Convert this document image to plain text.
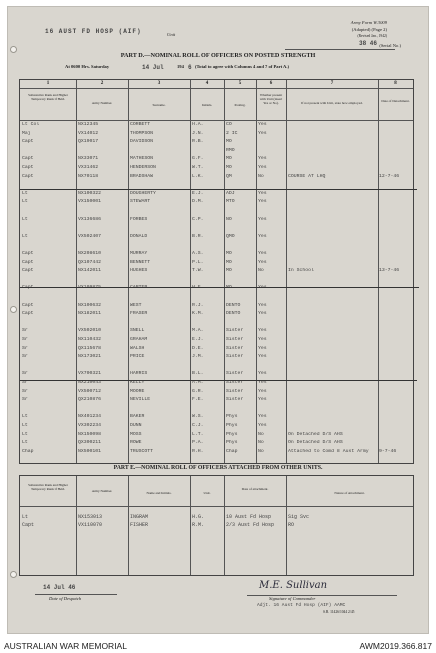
16 AUST FD HOSP (AIF)	Unit
Army Form W.3009
(Adapted) (Page 2)
(Revised Jan., 1942)
38 46 (Serial No.)
PART D.—NOMINAL ROLL OF OFFICERS ON POSTED STRENGTH
At 0600 Hrs. Saturday	14 Jul	194 6 (Total to agree with Columns 4 and 7 of Part A.)
1	2	3	4	5	6	7	8
Substantive Rank and Higher Temporary Rank if Held.
Army Number.	Surname.	Initials.	Posting.
Whether present with Unit (insert Yes or No).	If not present with Unit, state how employed.	Date of Detachment.
Lt Col	NX12345	CORBETT	H.A.	CO	Yes
Maj	VX14012	THOMPSON	J.N.	2 IC	Yes
Capt	QX19017	DAVIDSON	R.B.	MO
RMO
Capt	NX33071	MATHESON	G.F.	MO	Yes
Capt	VX31462	HENDERSON	W.T.	MO	Yes
Capt	NX70118	BRADSHAW	L.K.	QM	No	COURSE AT LHQ	12-7-46
Lt	NX100322	DOUGHERTY	E.J.	ADJ	Yes
Lt	VX150001	STEWART	D.M.	MTO	Yes
Lt	VX136686	FORBES	C.P.	NO	Yes
Lt	VX502407	DONALD	B.R.	QMO	Yes
Capt	NX208610	MURRAY	A.S.	MO	Yes
Capt	QX107442	BENNETT	P.L.	MO	Yes
Capt	NX142011	HUGHES	T.W.	MO	No	In School	13-7-46
Capt	VX109875	CARTER	H.F.	MO	Yes
Capt	NX100632	WEST	R.J.	DENTO	Yes
Capt	NX182011	FRASER	K.M.	DENTO	Yes
Sr	VX502010	SNELL	M.A.	Sister	Yes
Sr	NX110432	GRAHAM	E.J.	Sister	Yes
Sr	QX115678	WALSH	D.E.	Sister	Yes
Sr	NX173021	PRICE	J.M.	Sister	Yes
Sr	VX700321	HARRIS	B.L.	Sister	Yes
Sr	NX210043	KELLY	A.M.	Sister	Yes
Sr	VX500712	MOORE	G.R.	Sister	Yes
Sr	QX210876	NEVILLE	F.E.	Sister	Yes
Lt	NX401234	BAKER	W.S.	Phys	Yes
Lt	VX302234	DUNN	C.J.	Phys	Yes
Lt	NX150098	MOSS	L.T.	Phys	No	On Detached D/S AHS
Lt	QX300211	ROWE	P.A.	Phys	No	On Detached D/S AHS
Chap	NX500101	TRUSCOTT	R.H.	Chap	No	Attached to Comd 8 Aust Army	9-7-46
PART E.—NOMINAL ROLL OF OFFICERS ATTACHED FROM OTHER UNITS.
Substantive Rank and Higher Temporary Rank if Held.
Army Number.	Name and Initials.	Unit.
Date of attachment.
Nature of Attachment.
Lt	NX153013	INGRAM	H.G.	10 Aust Fd Hosp	Sig Svc
Capt	VX110070	FISHER	R.M.	2/3 Aust Fd Hosp	RO
14 Jul 46
Date of Despatch
M.E. Sullivan
Signature of Commander
Adjt. 16 Aust Fd Hosp (AIF) AAMC
S.B. 11426/1044 2/45
AUSTRALIAN WAR MEMORIAL	AWM2019.366.817
